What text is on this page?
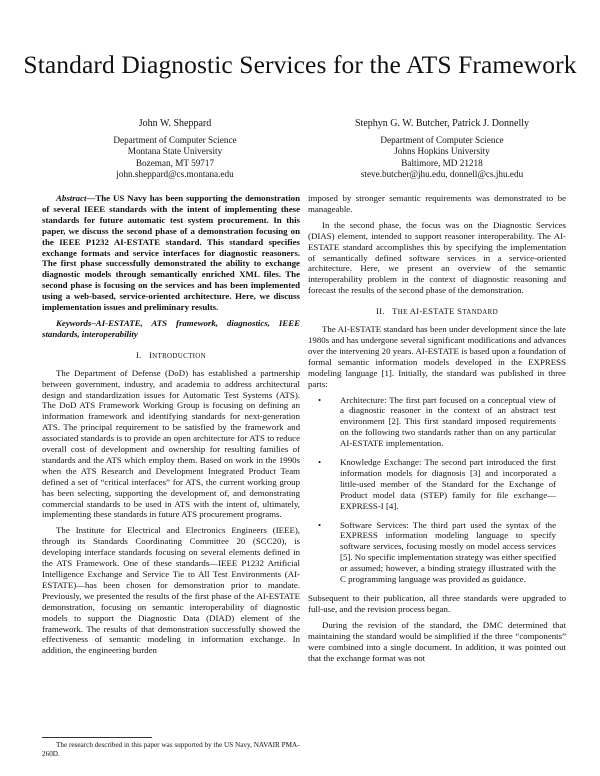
Standard Diagnostic Services for the ATS Framework
John W. Sheppard
Department of Computer Science
Montana State University
Bozeman, MT 59717
john.sheppard@cs.montana.edu
Stephyn G. W. Butcher, Patrick J. Donnelly
Department of Computer Science
Johns Hopkins University
Baltimore, MD 21218
steve.butcher@jhu.edu, donnell@cs.jhu.edu

Abstract—The US Navy has been supporting the demonstration of several IEEE standards with the intent of implementing these standards for future automatic test system procurement. In this paper, we discuss the second phase of a demonstration focusing on the IEEE P1232 AI-ESTATE standard. This standard specifies exchange formats and service interfaces for diagnostic reasoners. The first phase successfully demonstrated the ability to exchange diagnostic models through semantically enriched XML files. The second phase is focusing on the services and has been implemented using a web-based, service-oriented architecture. Here, we discuss implementation issues and preliminary results.

Keywords–AI-ESTATE, ATS framework, diagnostics, IEEE standards, interoperability

I. INTRODUCTION

The Department of Defense (DoD) has established a partnership between government, industry, and academia to address architectural design and standardization issues for Automatic Test Systems (ATS). The DoD ATS Framework Working Group is focusing on defining an information framework and identifying standards for next-generation ATS. The principal requirement to be satisfied by the framework and associated standards is to provide an open architecture for ATS to reduce overall cost of development and ownership for resulting families of standards and the ATS which employ them. Based on work in the 1990s when the ATS Research and Development Integrated Product Team defined a set of “critical interfaces” for ATS, the current working group has been selecting, supporting the development of, and demonstrating commercial standards to be used in ATS with the intent of, ultimately, implementing these standards in future ATS procurement programs.

The Institute for Electrical and Electronics Engineers (IEEE), through its Standards Coordinating Committee 20 (SCC20), is developing interface standards focusing on several elements defined in the ATS Framework. One of these standards—IEEE P1232 Artificial Intelligence Exchange and Service Tie to All Test Environments (AI-ESTATE)—has been chosen for demonstration prior to mandate. Previously, we presented the results of the first phase of the AI-ESTATE demonstration, focusing on semantic interoperability of diagnostic models to support the Diagnostic Data (DIAD) element of the framework. The results of that demonstration successfully showed the effectiveness of semantic modeling in information exchange. In addition, the engineering burden

The research described in this paper was supported by the US Navy, NAVAIR PMA-260D.

imposed by stronger semantic requirements was demonstrated to be manageable.

In the second phase, the focus was on the Diagnostic Services (DIAS) element, intended to support reasoner interoperability. The AI-ESTATE standard accomplishes this by specifying the implementation of semantically defined software services in a service-oriented architecture. Here, we present an overview of the semantic interoperability problem in the context of diagnostic reasoning and forecast the results of the second phase of the demonstration.

II. THE AI-ESTATE STANDARD

The AI-ESTATE standard has been under development since the late 1980s and has undergone several significant modifications and advances over the intervening 20 years. AI-ESTATE is based upon a foundation of formal semantic information models developed in the EXPRESS modeling language [1]. Initially, the standard was published in three parts:

• Architecture: The first part focused on a conceptual view of a diagnostic reasoner in the context of an abstract test environment [2]. This first standard imposed requirements on the following two standards rather than on any particular AI-ESTATE implementation.
• Knowledge Exchange: The second part introduced the first information models for diagnosis [3] and incorporated a little-used member of the Standard for the Exchange of Product model data (STEP) family for file exchange—EXPRESS-I [4].
• Software Services: The third part used the syntax of the EXPRESS information modeling language to specify software services, focusing mostly on model access services [5]. No specific implementation strategy was either specified or assumed; however, a binding strategy illustrated with the C programming language was provided as guidance.

Subsequent to their publication, all three standards were upgraded to full-use, and the revision process began.

During the revision of the standard, the DMC determined that maintaining the standard would be simplified if the three “components” were combined into a single document. In addition, it was pointed out that the exchange format was not
